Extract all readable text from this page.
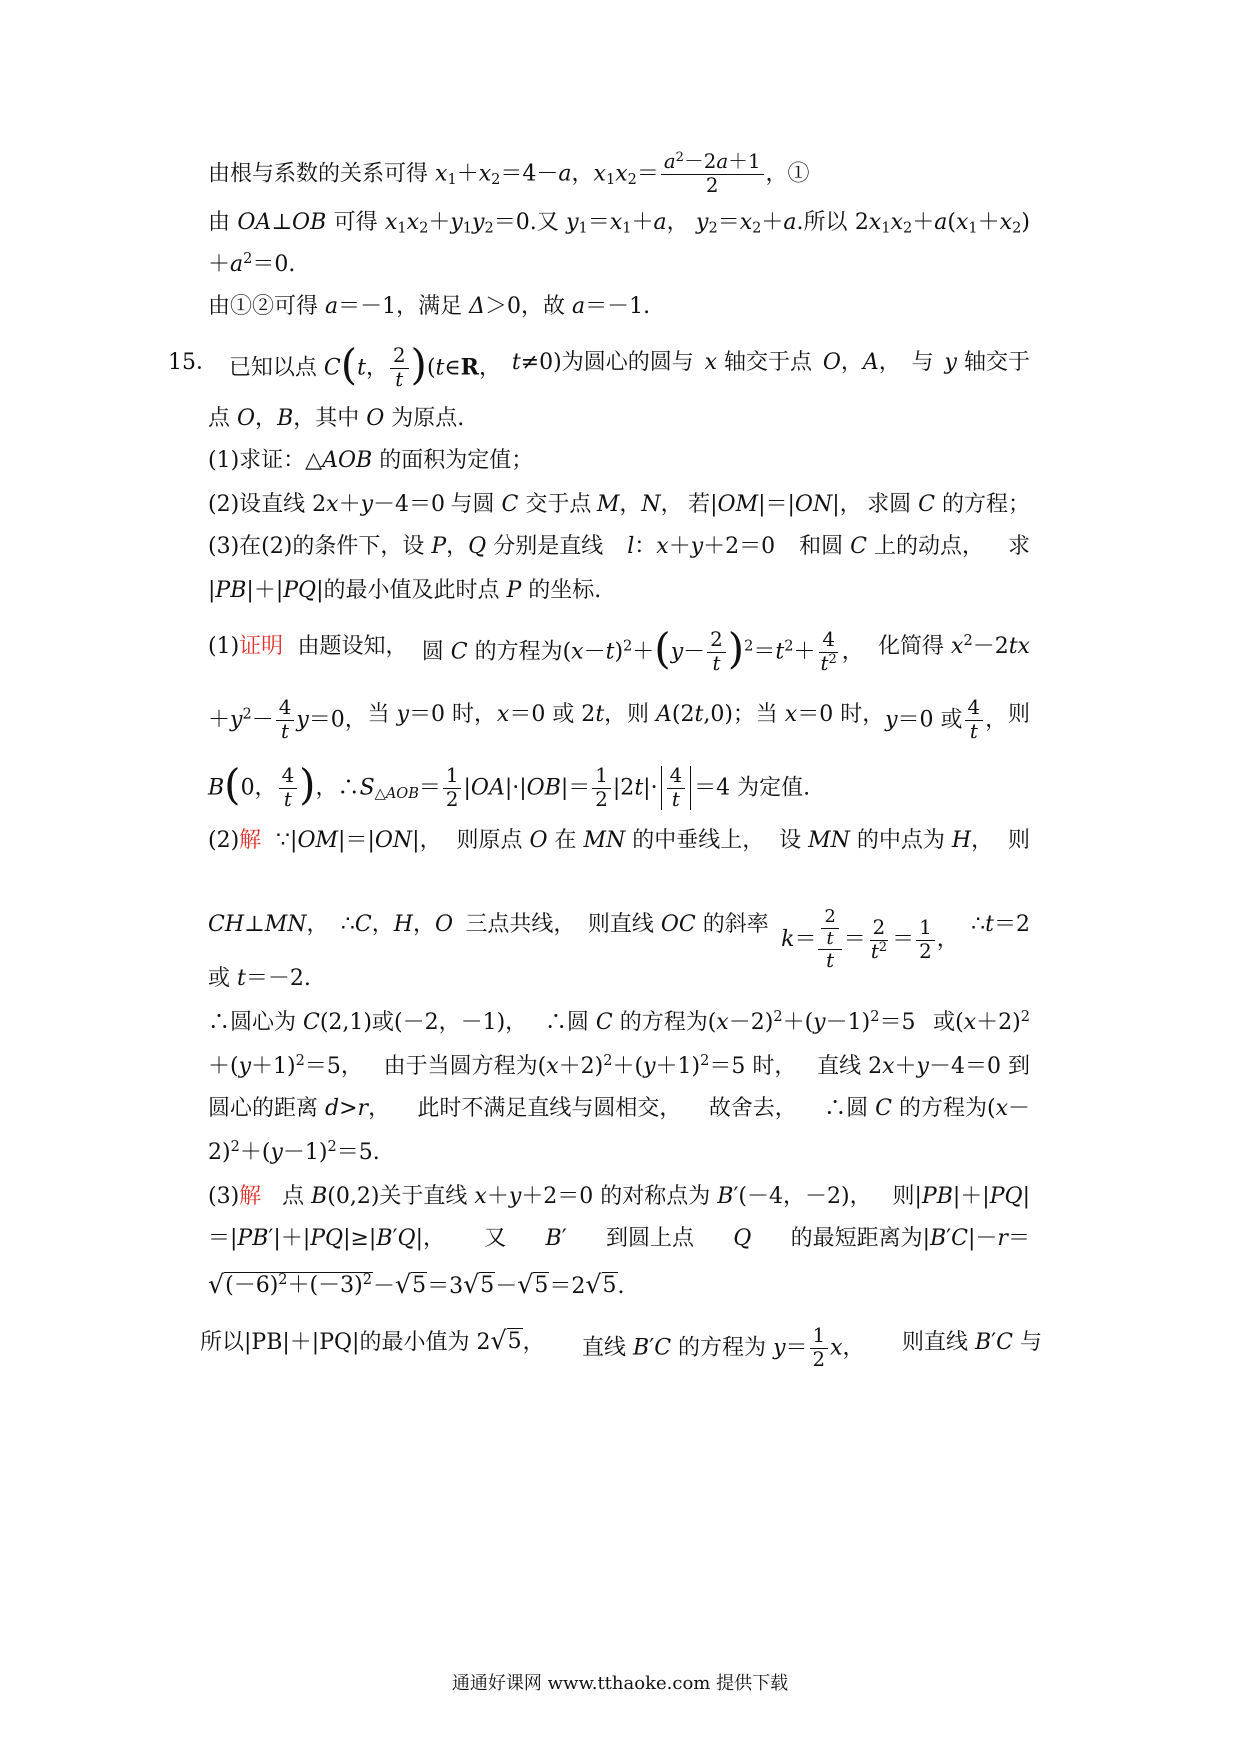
由根与系数的关系可得 $x_1+x_2=4-a$，$x_1x_2= \frac{a^2-2a+1}{2}$ ，①
由 OA⊥OB 可得 $x_1x_2+y_1y_2=0$.又 $y_1=x_1+a$， $y_2=x_2+a$.所以 $2x_1x_2+a(x_1+x_2)$
$+a^2=0$.
由①②可得 a＝－1，满足 Δ＞0，故 a＝－1.
15． 已知以点 C(t， $\frac{2}{t}$ )(t∈R， t≠0)为圆心的圆与 x 轴交于点 O，A， 与 y 轴交于
点 O，B，其中 O 为原点.
(1)求证：△AOB 的面积为定值；
(2)设直线 2x＋y－4＝0 与圆 C 交于点 M，N， 若|OM|＝|ON|， 求圆 C 的方程；
(3)在(2)的条件下，设 P，Q 分别是直线 l：x＋y＋2＝0 和圆 C 上的动点， 求
|PB|＋|PQ|的最小值及此时点 P 的坐标.
(1)证明 由题设知， 圆 C 的方程为$(x-t)^2+(y- \frac{2}{t} )^2=t^2+ \frac{4}{t^2}$ ， 化简得 $x^2-2tx$
$+y^2- \frac{4}{t} y=0$， 当 y＝0 时， x＝0 或 2t， 则 A(2t,0)； 当 x＝0 时， y＝0 或 $\frac{4}{t}$ ， 则
B(0， $\frac{4}{t}$ )，$\therefore S_{\triangle AOB}= \frac{1}{2} |OA|\cdot|OB|= \frac{1}{2} |2t|\cdot \frac{4}{t} =4$ 为定值.
(2)解 ∵|OM|＝|ON|， 则原点 O 在 MN 的中垂线上， 设 MN 的中点为 H， 则
CH⊥MN， ∴C，H，O 三点共线， 则直线 OC 的斜率
$k= \frac{\frac{2}{t}}{t} = \frac{2}{t^2} = \frac{1}{2}$ ，
∴t＝2
或 t＝－2.
∴圆心为 C(2,1)或(－2，－1)， ∴圆 C 的方程为$(x-2)^2+(y-1)^2=5$ 或$(x+2)^2$
$+(y+1)^2=5$， 由于当圆方程为$(x+2)^2+(y+1)^2=5$ 时， 直线 2x＋y－4＝0 到
圆心的距离 d>r， 此时不满足直线与圆相交， 故舍去， ∴圆 C 的方程为(x－
$2)^2+(y-1)^2=5$.
(3)解 点 B(0,2)关于直线 x＋y＋2＝0 的对称点为 B′(－4，－2)， 则|PB|＋|PQ|
＝|PB′|＋|PQ|≥|B′Q|， 又 B′ 到圆上点 Q 的最短距离为|B′C|－r＝
√ $(-6)^2+(-3)^2$ － √ 5 ＝3 √ 5 － √ 5 ＝2 √ 5 .
所以|PB|＋|PQ|的最小值为 2 √ 5 ， 直线 B′C 的方程为 $y= \frac{1}{2}$ x， 则直线 B′C 与
通通好课网 www.tthaoke.com 提供下载
